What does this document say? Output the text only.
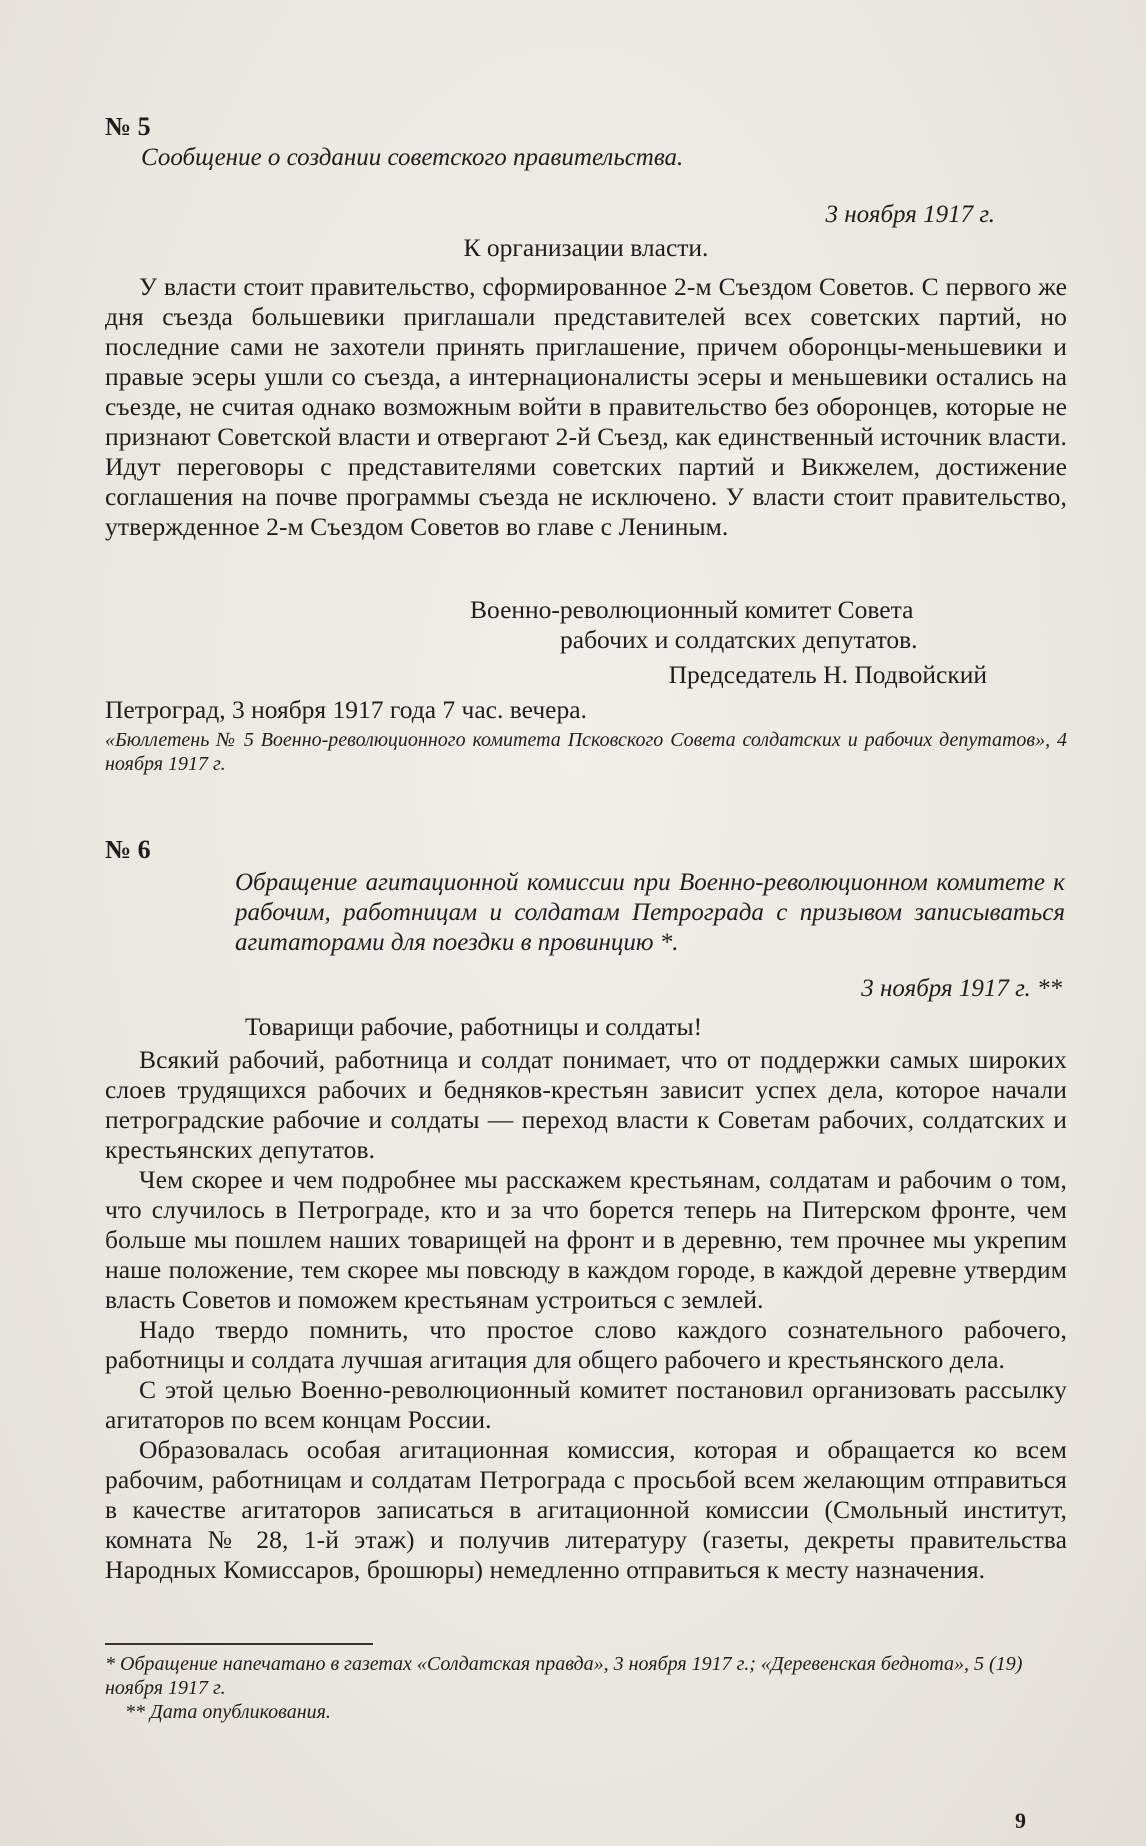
№ 5
Сообщение о создании советского правительства.
3 ноября 1917 г.
К организации власти.

У власти стоит правительство, сформированное 2-м Съездом Советов. С первого же дня съезда большевики приглашали представителей всех советских партий, но последние сами не захотели принять приглашение, причем оборонцы-меньшевики и правые эсеры ушли со съезда, а интернационалисты эсеры и меньшевики остались на съезде, не считая однако возможным войти в правительство без оборонцев, которые не признают Советской власти и отвергают 2-й Съезд, как единственный источник власти. Идут переговоры с представителями советских партий и Викжелем, достижение соглашения на почве программы съезда не исключено. У власти стоит правительство, утвержденное 2-м Съездом Советов во главе с Лениным.

Военно-революционный комитет Совета
рабочих и солдатских депутатов.
Председатель Н. Подвойский
Петроград, 3 ноября 1917 года 7 час. вечера.
«Бюллетень № 5 Военно-революционного комитета Псковского Совета солдатских и рабочих депутатов», 4 ноября 1917 г.
№ 6
Обращение агитационной комиссии при Военно-революционном комитете к рабочим, работницам и солдатам Петрограда с призывом записываться агитаторами для поездки в провинцию *.
3 ноября 1917 г. **
Товарищи рабочие, работницы и солдаты!

Всякий рабочий, работница и солдат понимает, что от поддержки самых широких слоев трудящихся рабочих и бедняков-крестьян зависит успех дела, которое начали петроградские рабочие и солдаты — переход власти к Советам рабочих, солдатских и крестьянских депутатов.

Чем скорее и чем подробнее мы расскажем крестьянам, солдатам и рабочим о том, что случилось в Петрограде, кто и за что борется теперь на Питерском фронте, чем больше мы пошлем наших товарищей на фронт и в деревню, тем прочнее мы укрепим наше положение, тем скорее мы повсюду в каждом городе, в каждой деревне утвердим власть Советов и поможем крестьянам устроиться с землей.

Надо твердо помнить, что простое слово каждого сознательного рабочего, работницы и солдата лучшая агитация для общего рабочего и крестьянского дела.

С этой целью Военно-революционный комитет постановил организовать рассылку агитаторов по всем концам России.

Образовалась особая агитационная комиссия, которая и обращается ко всем рабочим, работницам и солдатам Петрограда с просьбой всем желающим отправиться в качестве агитаторов записаться в агитационной комиссии (Смольный институт, комната № 28, 1-й этаж) и получив литературу (газеты, декреты правительства Народных Комиссаров, брошюры) немедленно отправиться к месту назначения.

* Обращение напечатано в газетах «Солдатская правда», 3 ноября 1917 г.; «Деревенская беднота», 5 (19) ноября 1917 г.
** Дата опубликования.
9
